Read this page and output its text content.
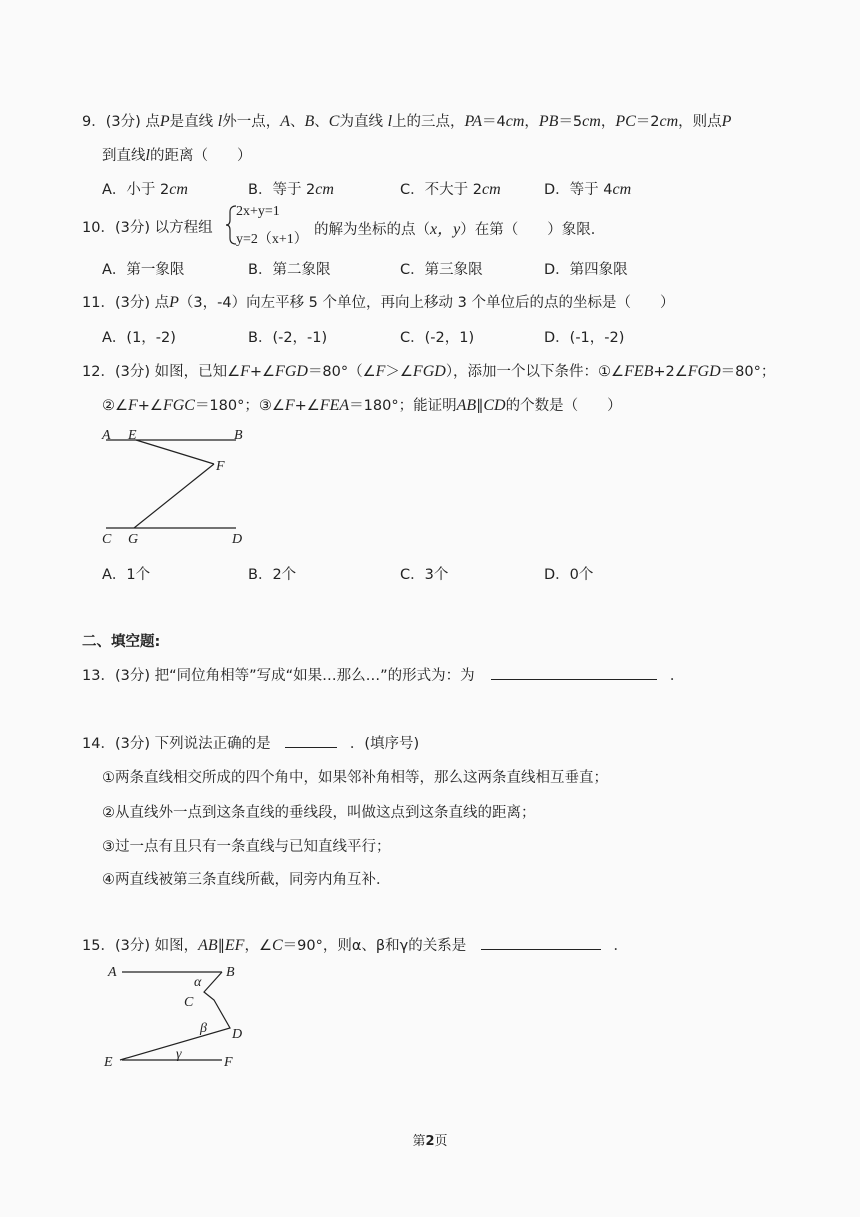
9．(3分) 点P是直线 l外一点，A、B、C为直线 l上的三点，PA＝4cm，PB＝5cm，PC＝2cm，则点P
到直线l的距离（　　）
A．小于 2cm	B．等于 2cm	C．不大于 2cm	D．等于 4cm
10．(3分) 以方程组
2x+y=1
y=2（x+1）
的解为坐标的点（x，y）在第（　　）象限．
A．第一象限	B．第二象限	C．第三象限	D．第四象限
11．(3分) 点P（3，-4）向左平移 5 个单位，再向上移动 3 个单位后的点的坐标是（　　）
A．(1，-2)	B．(-2，-1)	C．(-2，1)	D．(-1，-2)
12．(3分) 如图，已知∠F+∠FGD＝80°（∠F＞∠FGD），添加一个以下条件：①∠FEB+2∠FGD＝80°；
②∠F+∠FGC＝180°；③∠F+∠FEA＝180°；能证明AB∥CD的个数是（　　）
A E	B
F
C G	D
A．1个	B．2个	C．3个	D．0个
二、填空题:
13．(3分) 把“同位角相等”写成“如果…那么…”的形式为：为	．
14．(3分) 下列说法正确的是	．(填序号)
①两条直线相交所成的四个角中，如果邻补角相等，那么这两条直线相互垂直；
②从直线外一点到这条直线的垂线段，叫做这点到这条直线的距离；
③过一点有且只有一条直线与已知直线平行；
④两直线被第三条直线所截，同旁内角互补．
15．(3分) 如图，AB∥EF，∠C＝90°，则α、β和γ的关系是	．
A	B
C
D
E	F
α
β
γ
第2页
